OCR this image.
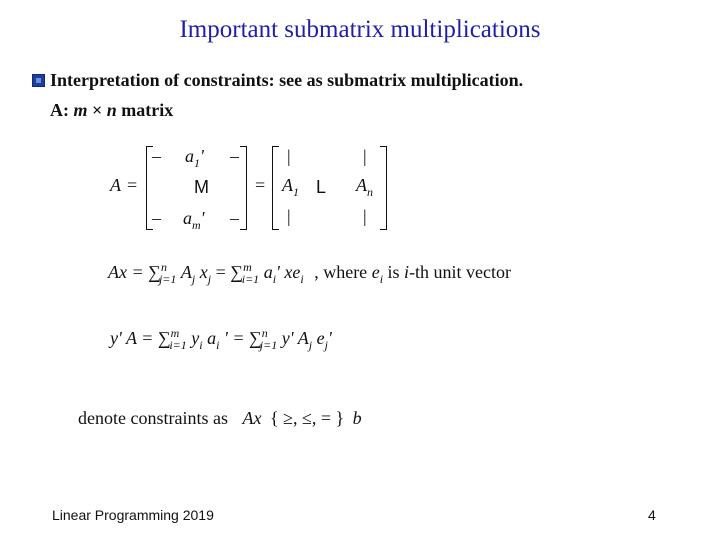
Important submatrix multiplications
Interpretation of constraints: see as submatrix multiplication.
A: m × n matrix
A =
– $a_1'$ –
M
– $a_m'$ –
=
|
$A_1$
|
L
|
$A_n$
|
Ax = ∑$^n_{j=1}$ $A_j$ $x_j = \sum^m_{i=1}$ $a_i'$ $xe_i$ , where $e_i$ is i-th unit vector
y' A = ∑$^m_{i=1}$ $y_i$ $a_i$ ' = ∑$^n_{j=1}$ y' $A_j$ $e_j'$
denote constraints as Ax { ≥, ≤, = } b
Linear Programming 2019	4
